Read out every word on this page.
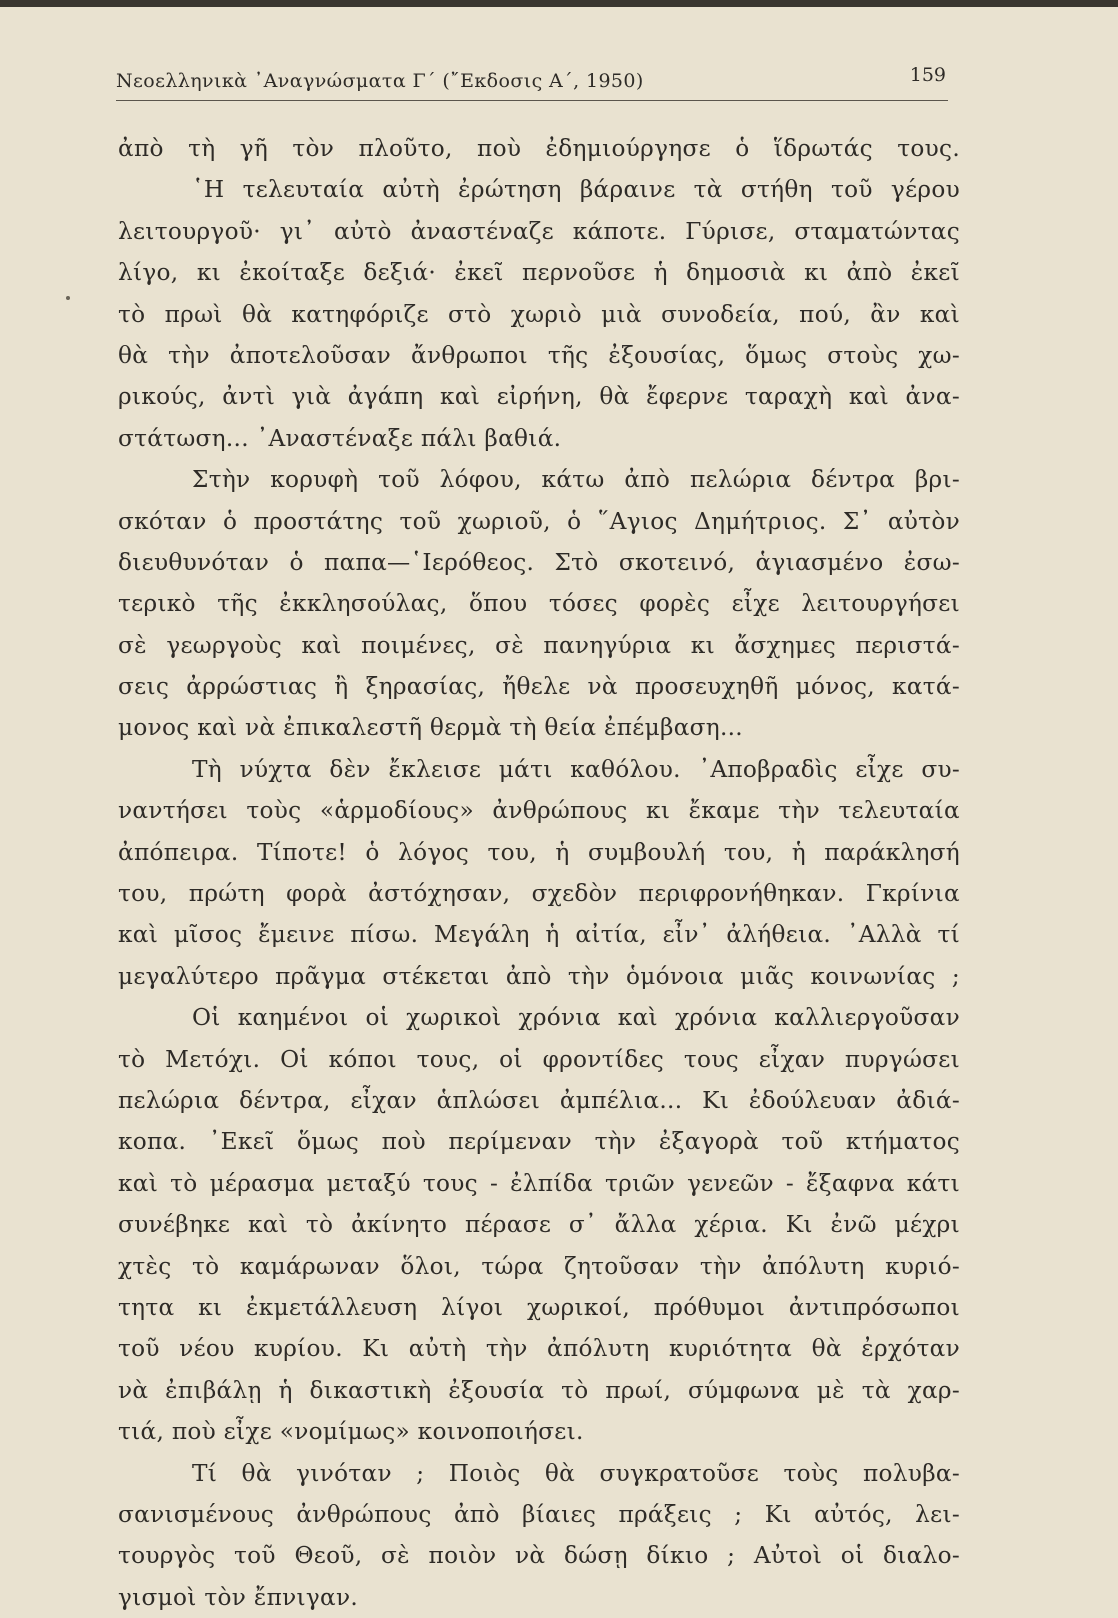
Νεοελληνικὰ ᾿Αναγνώσματα Γ΄ (῎Εκδοσις Α΄, 1950)	159
ἀπὸ τὴ γῆ τὸν πλοῦτο, ποὺ ἐδημιούργησε ὁ ἵδρωτάς τους.
῾Η τελευταία αὐτὴ ἐρώτηση βάραινε τὰ στήθη τοῦ γέρου
λειτουργοῦ· γι᾿ αὐτὸ ἀναστέναζε κάποτε. Γύρισε, σταματώντας
λίγο, κι ἐκοίταξε δεξιά· ἐκεῖ περνοῦσε ἡ δημοσιὰ κι ἀπὸ ἐκεῖ
τὸ πρωὶ θὰ κατηφόριζε στὸ χωριὸ μιὰ συνοδεία, πού, ἂν καὶ
θὰ τὴν ἀποτελοῦσαν ἄνθρωποι τῆς ἐξουσίας, ὅμως στοὺς χω-
ρικούς, ἀντὶ γιὰ ἀγάπη καὶ εἰρήνη, θὰ ἔφερνε ταραχὴ καὶ ἀνα-
στάτωση... ᾿Αναστέναξε πάλι βαθιά.
Στὴν κορυφὴ τοῦ λόφου, κάτω ἀπὸ πελώρια δέντρα βρι-
σκόταν ὁ προστάτης τοῦ χωριοῦ, ὁ ῞Αγιος Δημήτριος. Σ᾿ αὐτὸν
διευθυνόταν ὁ παπα—῾Ιερόθεος. Στὸ σκοτεινό, ἁγιασμένο ἐσω-
τερικὸ τῆς ἐκκλησούλας, ὅπου τόσες φορὲς εἶχε λειτουργήσει
σὲ γεωργοὺς καὶ ποιμένες, σὲ πανηγύρια κι ἄσχημες περιστά-
σεις ἀρρώστιας ἢ ξηρασίας, ἤθελε νὰ προσευχηθῆ μόνος, κατά-
μονος καὶ νὰ ἐπικαλεστῆ θερμὰ τὴ θεία ἐπέμβαση...
Τὴ νύχτα δὲν ἔκλεισε μάτι καθόλου. ᾿Αποβραδὶς εἶχε συ-
ναντήσει τοὺς «ἁρμοδίους» ἀνθρώπους κι ἔκαμε τὴν τελευταία
ἀπόπειρα. Τίποτε! ὁ λόγος του, ἡ συμβουλή του, ἡ παράκλησή
του, πρώτη φορὰ ἀστόχησαν, σχεδὸν περιφρονήθηκαν. Γκρίνια
καὶ μῖσος ἔμεινε πίσω. Μεγάλη ἡ αἰτία, εἶν᾿ ἀλήθεια. ᾿Αλλὰ τί
μεγαλύτερο πρᾶγμα στέκεται ἀπὸ τὴν ὁμόνοια μιᾶς κοινωνίας ;
Οἱ καημένοι οἱ χωρικοὶ χρόνια καὶ χρόνια καλλιεργοῦσαν
τὸ Μετόχι. Οἱ κόποι τους, οἱ φροντίδες τους εἶχαν πυργώσει
πελώρια δέντρα, εἶχαν ἁπλώσει ἀμπέλια... Κι ἐδούλευαν ἀδιά-
κοπα. ᾿Εκεῖ ὅμως ποὺ περίμεναν τὴν ἐξαγορὰ τοῦ κτήματος
καὶ τὸ μέρασμα μεταξύ τους - ἐλπίδα τριῶν γενεῶν - ἔξαφνα κάτι
συνέβηκε καὶ τὸ ἀκίνητο πέρασε σ᾿ ἄλλα χέρια. Κι ἐνῶ μέχρι
χτὲς τὸ καμάρωναν ὅλοι, τώρα ζητοῦσαν τὴν ἀπόλυτη κυριό-
τητα κι ἐκμετάλλευση λίγοι χωρικοί, πρόθυμοι ἀντιπρόσωποι
τοῦ νέου κυρίου. Κι αὐτὴ τὴν ἀπόλυτη κυριότητα θὰ ἐρχόταν
νὰ ἐπιβάλῃ ἡ δικαστικὴ ἐξουσία τὸ πρωί, σύμφωνα μὲ τὰ χαρ-
τιά, ποὺ εἶχε «νομίμως» κοινοποιήσει.
Τί θὰ γινόταν ; Ποιὸς θὰ συγκρατοῦσε τοὺς πολυβα-
σανισμένους ἀνθρώπους ἀπὸ βίαιες πράξεις ; Κι αὐτός, λει-
τουργὸς τοῦ Θεοῦ, σὲ ποιὸν νὰ δώσῃ δίκιο ; Αὐτοὶ οἱ διαλο-
γισμοὶ τὸν ἔπνιγαν.
